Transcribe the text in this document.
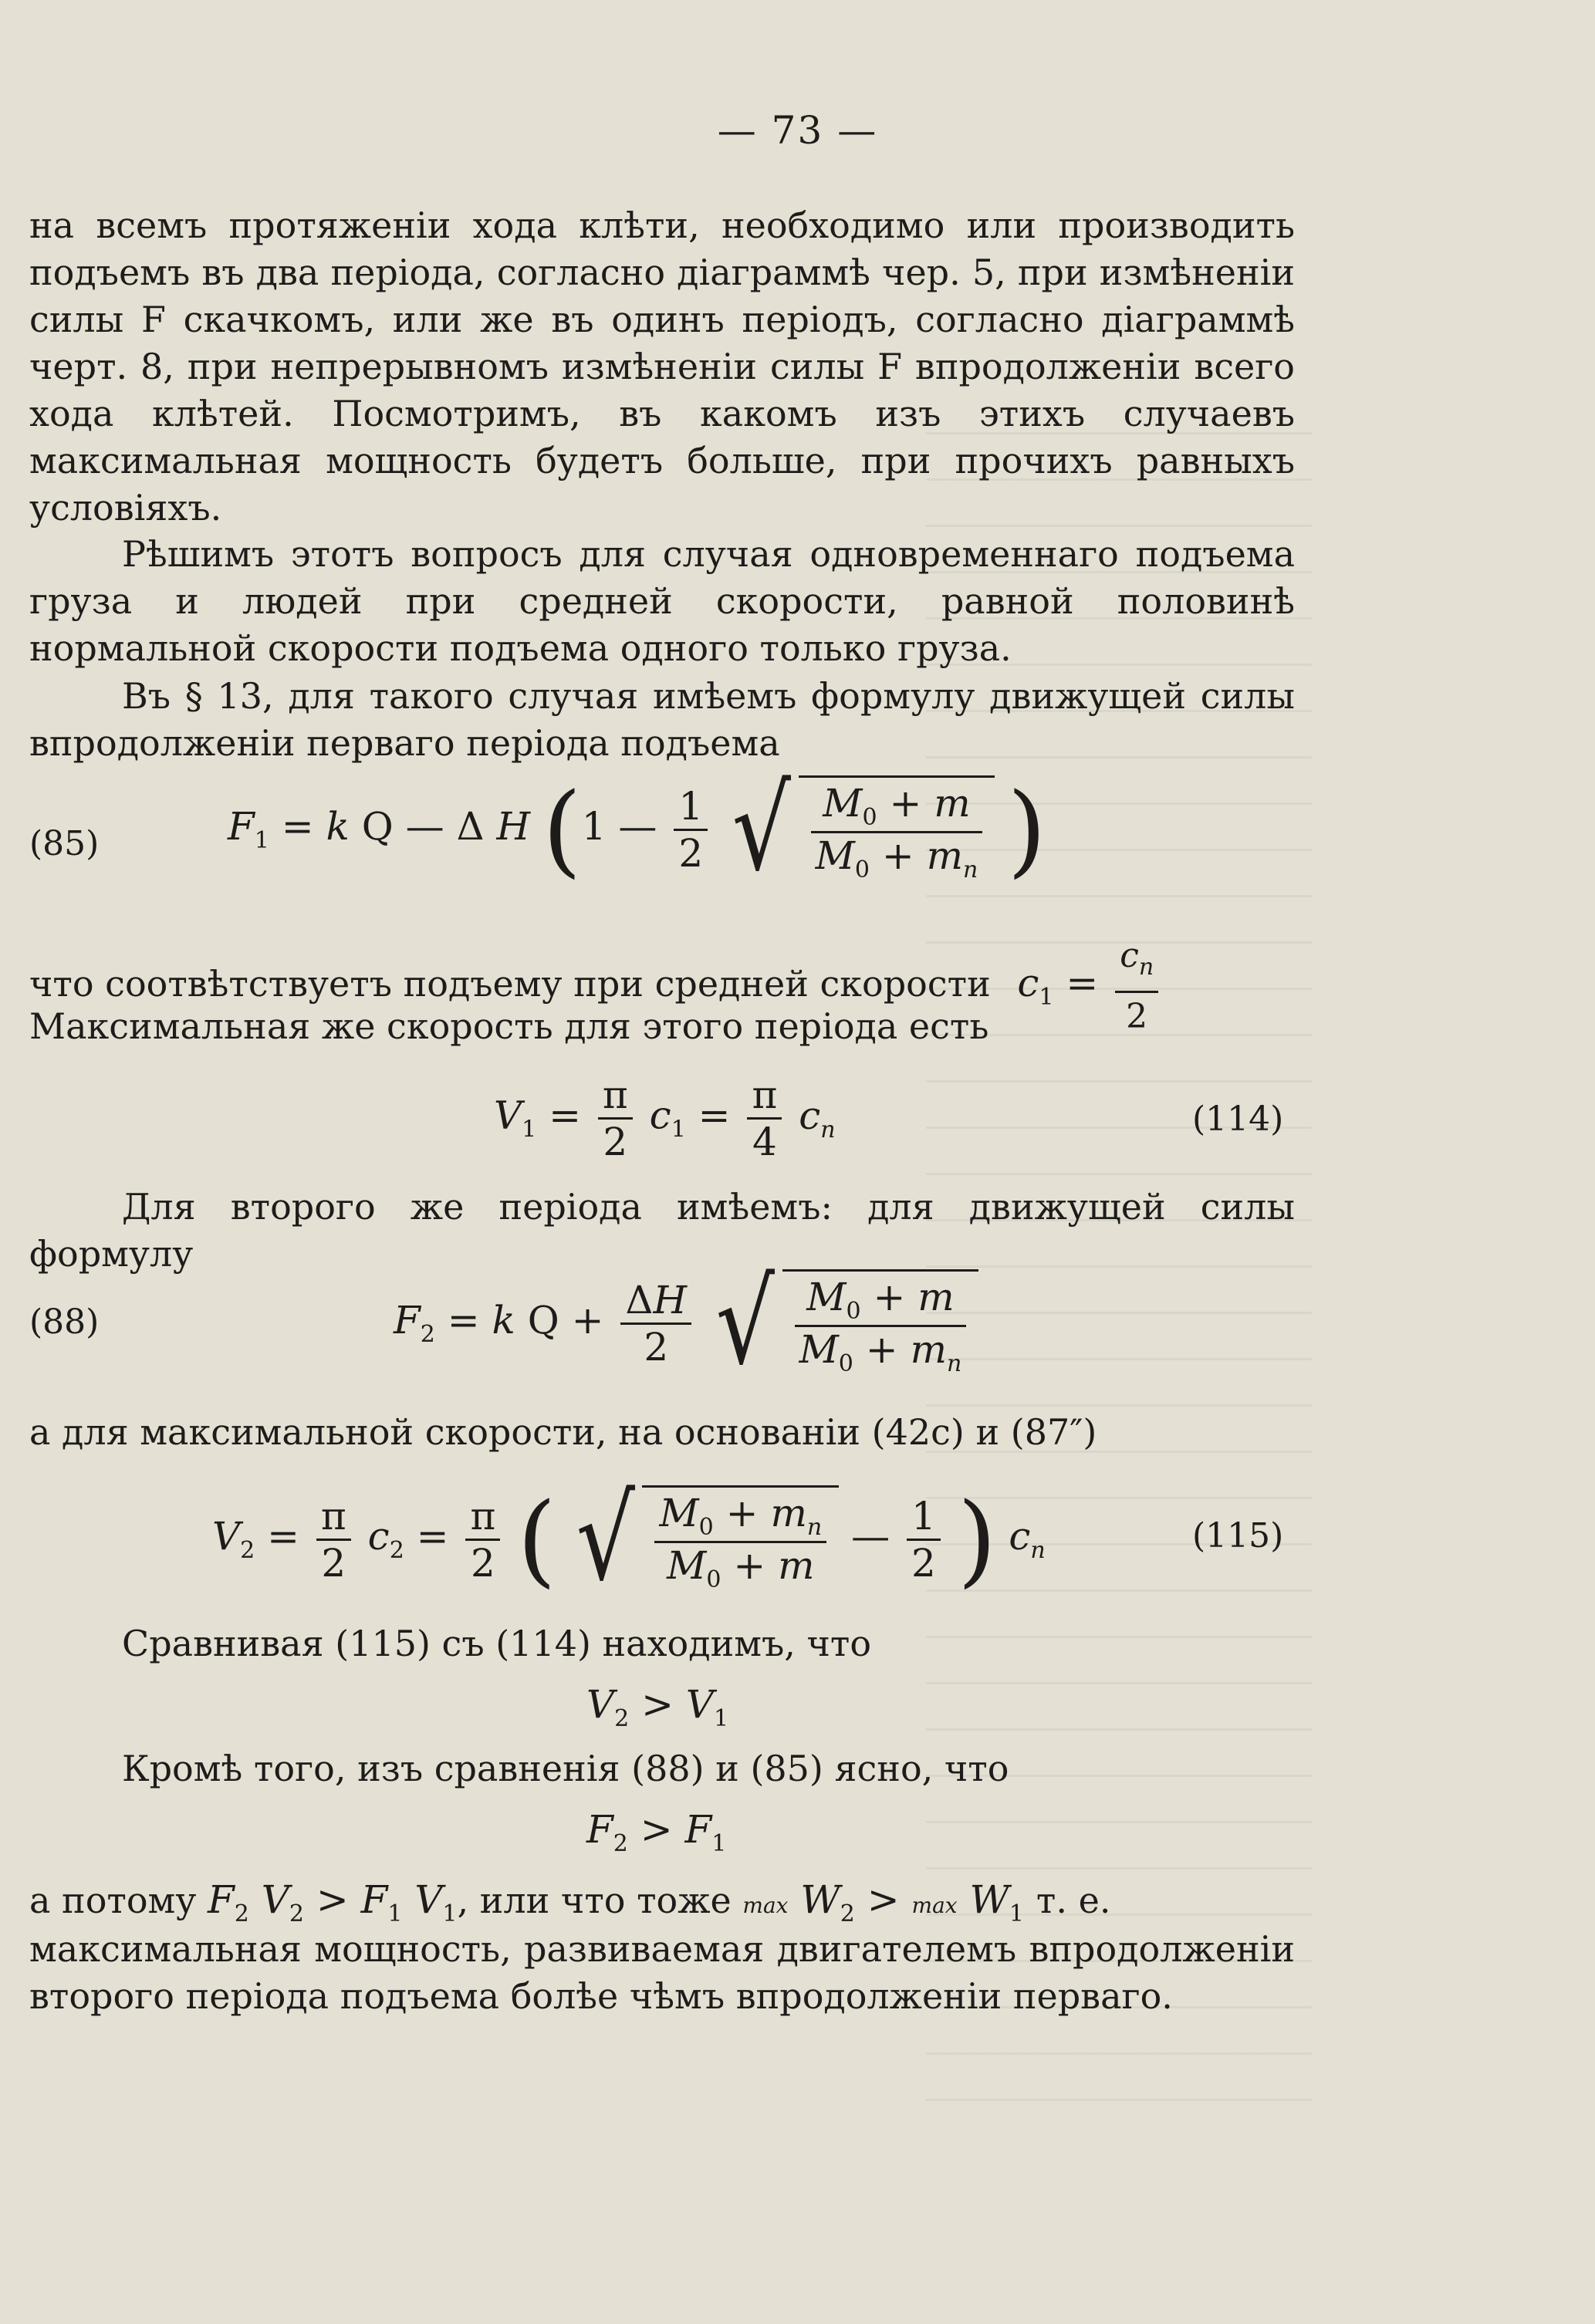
— 73 —
на всемъ протяженіи хода клѣти, необходимо или производить подъемъ въ два періода, согласно діаграммѣ чер. 5, при измѣненіи силы F скачкомъ, или же въ одинъ періодъ, согласно діаграммѣ черт. 8, при непрерывномъ измѣненіи силы F впродолженіи всего хода клѣтей. Посмотримъ, въ какомъ изъ этихъ случаевъ максимальная мощность будетъ больше, при прочихъ равныхъ условіяхъ.
Рѣшимъ этотъ вопросъ для случая одновременнаго подъема груза и людей при средней скорости, равной половинѣ нормальной скорости подъема одного только груза.
Въ § 13, для такого случая имѣемъ формулу движущей силы впродолженіи перваго періода подъема
(85)	$F_1 = k$ Q — Δ H (1 — $\frac{1}{2}$ √ $\frac{M_0 + m}{M_0 + m_n}$ )
что соотвѣтствуетъ подъему при средней скорости $c_1 = \frac{c_n}{2}$
Максимальная же скорость для этого періода есть
$V_1 = \frac{\pi}{2} c_1 = \frac{\pi}{4} c_n$	(114)
Для второго же періода имѣемъ: для движущей силы формулу
(88)	$F_2 = k$ $Q + \frac{\Delta H}{2}$ √ $\frac{M_0 + m}{M_0 + m_n}$
а для максимальной скорости, на основаніи (42c) и (87″)
$V_2 = \frac{\pi}{2} c_2 = \frac{\pi}{2}$ ( √ $\frac{M_0 + m_n}{M_0 + m}$ — $\frac{1}{2}$ ) $c_n$	(115)
Сравнивая (115) съ (114) находимъ, что
$V_2 > V_1$
Кромѣ того, изъ сравненія (88) и (85) ясно, что
$F_2 > F_1$
а потому $F_2$ $V_2 > F_1$ $V_1$, или что тоже $\max W_2 > \max W_1$ т. е.
максимальная мощность, развиваемая двигателемъ впродолженіи второго періода подъема болѣе чѣмъ впродолженіи перваго.
